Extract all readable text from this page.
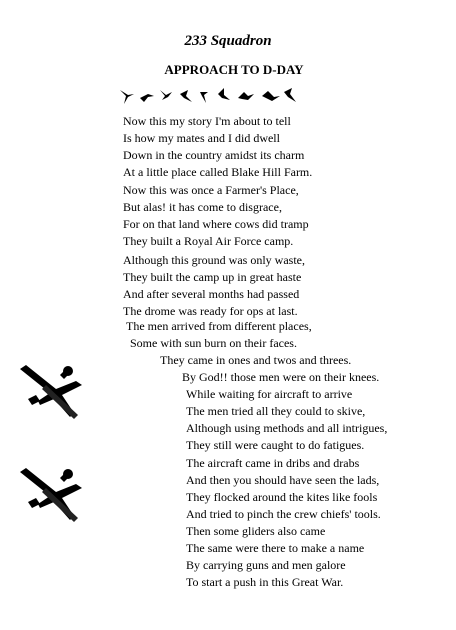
233 Squadron
APPROACH TO D-DAY
Now this my story I'm about to tell
Is how my mates and I did dwell
Down in the country amidst its charm
At a little place called Blake Hill Farm.
Now this was once a Farmer's Place,
But alas! it has come to disgrace,
For on that land where cows did tramp
They built a Royal Air Force camp.
Although this ground was only waste,
They built the camp up in great haste
And after several months had passed
The drome was ready for ops at last.
The men arrived from different places,
Some with sun burn on their faces.
They came in ones and twos and threes.
By God!! those men were on their knees.
While waiting for aircraft to arrive
The men tried all they could to skive,
Although using methods and all intrigues,
They still were caught to do fatigues.
The aircraft came in dribs and drabs
And then you should have seen the lads,
They flocked around the kites like fools
And tried to pinch the crew chiefs' tools.
Then some gliders also came
The same were there to make a name
By carrying guns and men galore
To start a push in this Great War.
